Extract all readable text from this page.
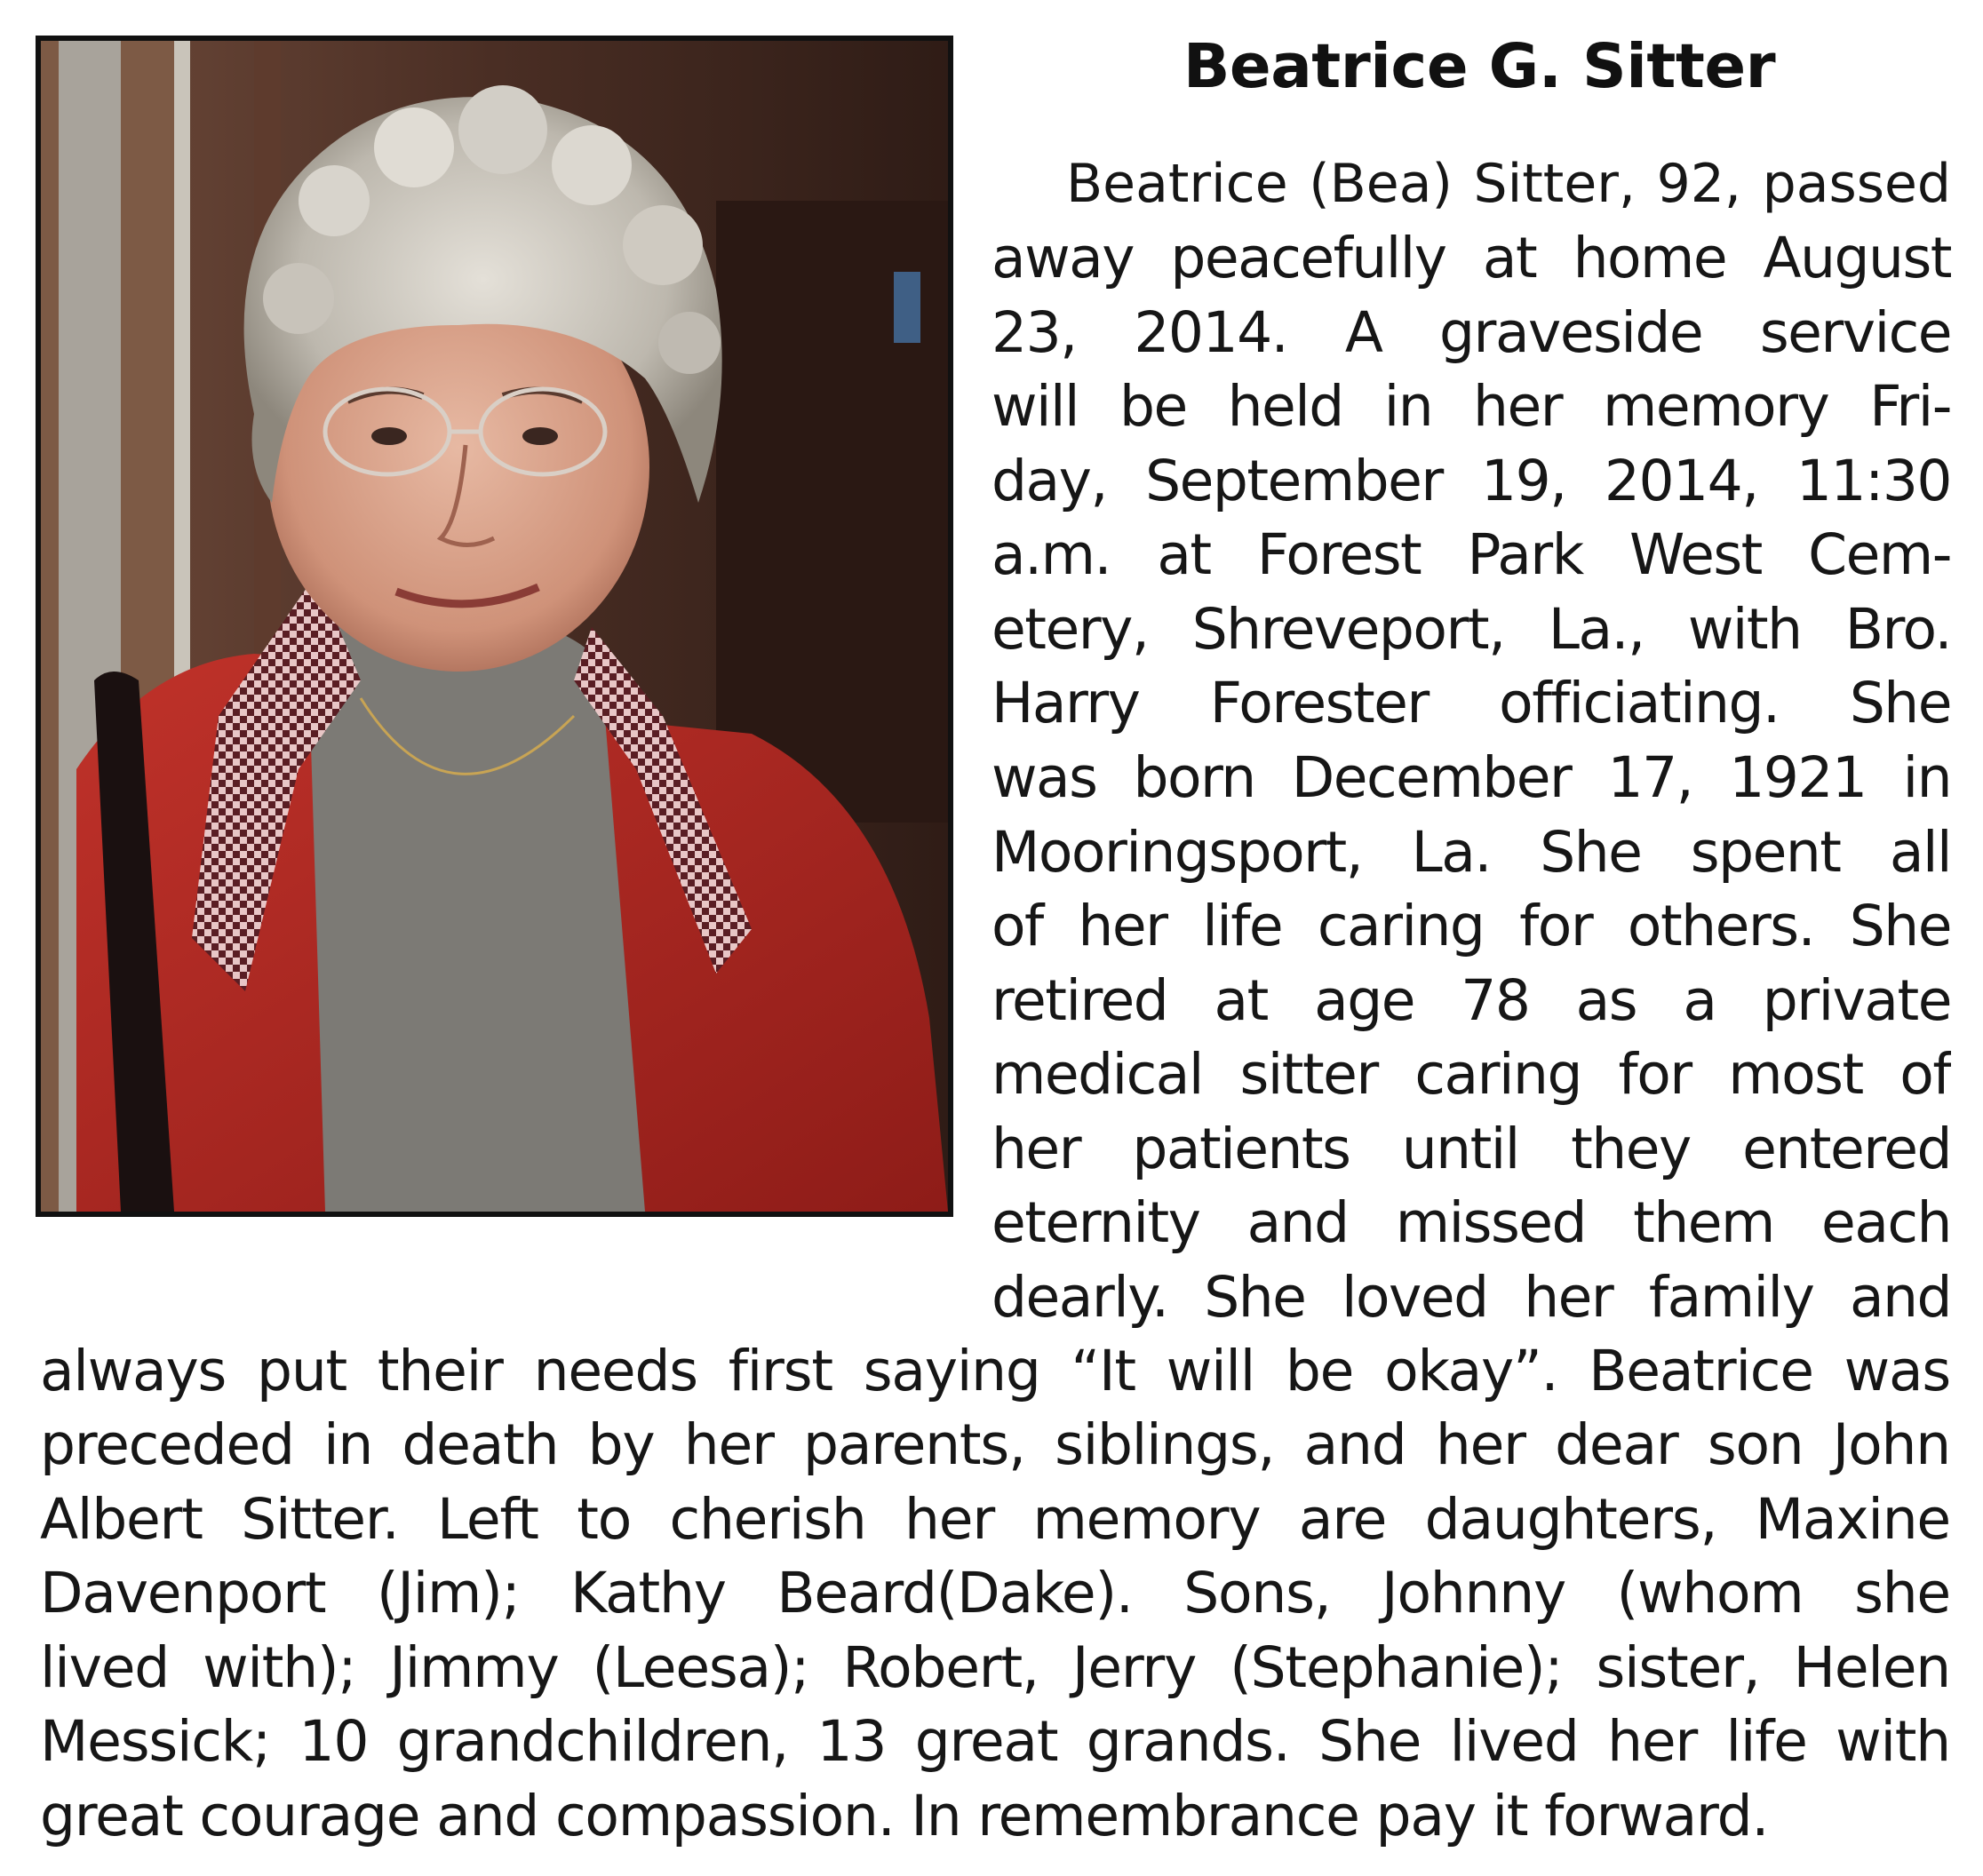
Beatrice G. Sitter
Beatrice (Bea) Sitter, 92, passed
away peacefully at home August
23, 2014. A graveside service
will be held in her memory Fri-
day, September 19, 2014, 11:30
a.m. at Forest Park West Cem-
etery, Shreveport, La., with Bro.
Harry Forester officiating. She
was born December 17, 1921 in
Mooringsport, La. She spent all
of her life caring for others. She
retired at age 78 as a private
medical sitter caring for most of
her patients until they entered
eternity and missed them each
dearly. She loved her family and
always put their needs first saying “It will be okay”. Beatrice was
preceded in death by her parents, siblings, and her dear son John
Albert Sitter. Left to cherish her memory are daughters, Maxine
Davenport (Jim); Kathy Beard(Dake). Sons, Johnny (whom she
lived with); Jimmy (Leesa); Robert, Jerry (Stephanie); sister, Helen
Messick; 10 grandchildren, 13 great grands. She lived her life with
great courage and compassion. In remembrance pay it forward.
